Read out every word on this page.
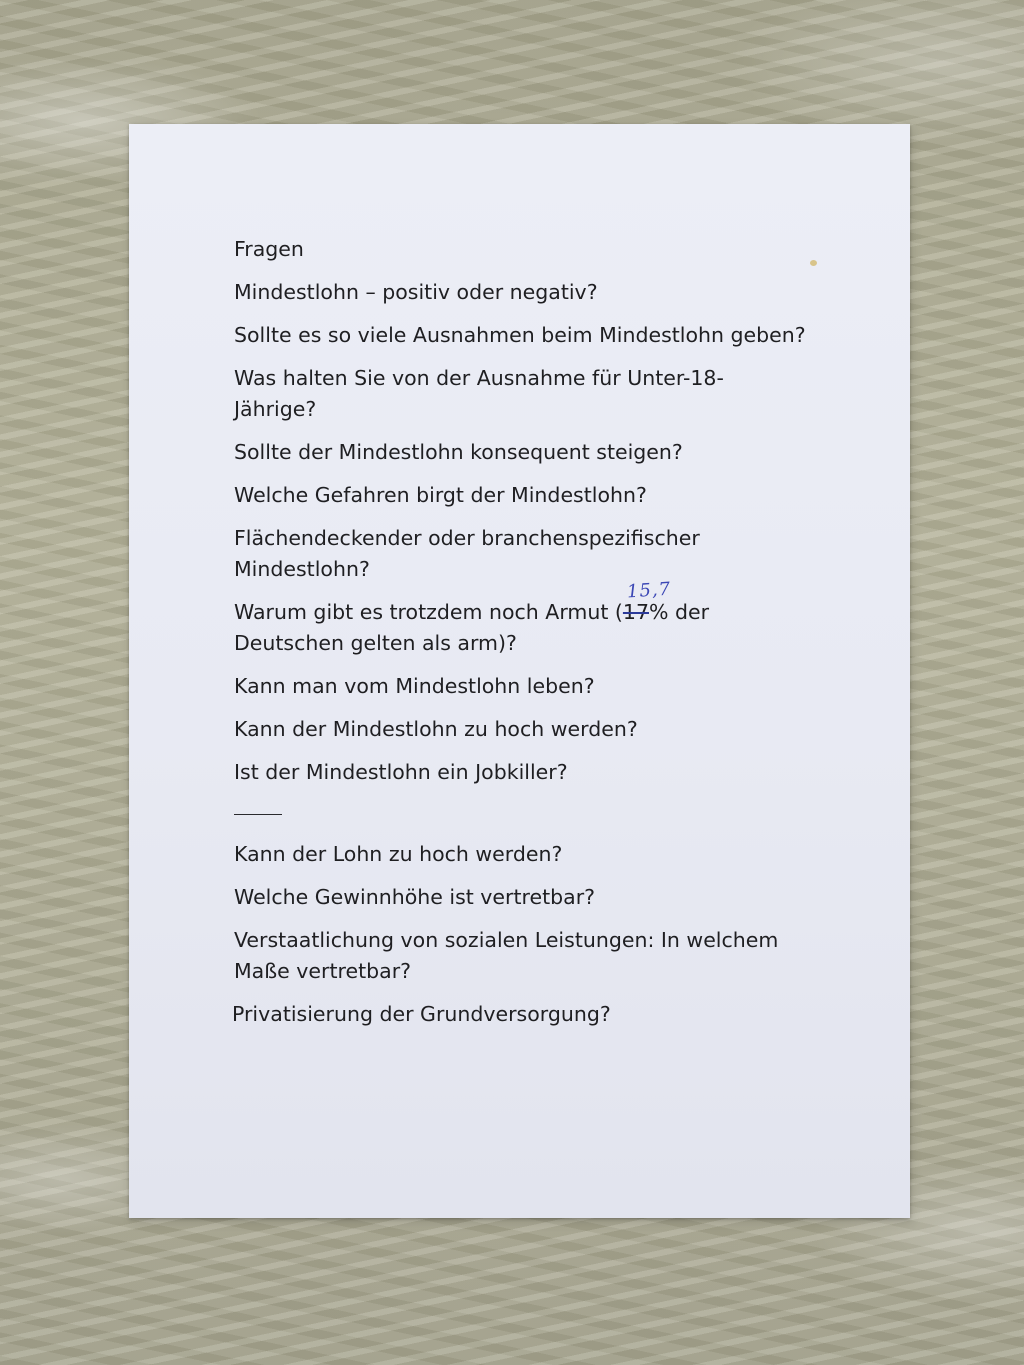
Fragen
Mindestlohn – positiv oder negativ?
Sollte es so viele Ausnahmen beim Mindestlohn geben?
Was halten Sie von der Ausnahme für Unter-18-Jährige?
Sollte der Mindestlohn konsequent steigen?
Welche Gefahren birgt der Mindestlohn?
Flächendeckender oder branchenspezifischer Mindestlohn?
Warum gibt es trotzdem noch Armut (
15,7
17% der Deutschen gelten als arm)?
Kann man vom Mindestlohn leben?
Kann der Mindestlohn zu hoch werden?
Ist der Mindestlohn ein Jobkiller?
Kann der Lohn zu hoch werden?
Welche Gewinnhöhe ist vertretbar?
Verstaatlichung von sozialen Leistungen: In welchem Maße vertretbar?
Privatisierung der Grundversorgung?
